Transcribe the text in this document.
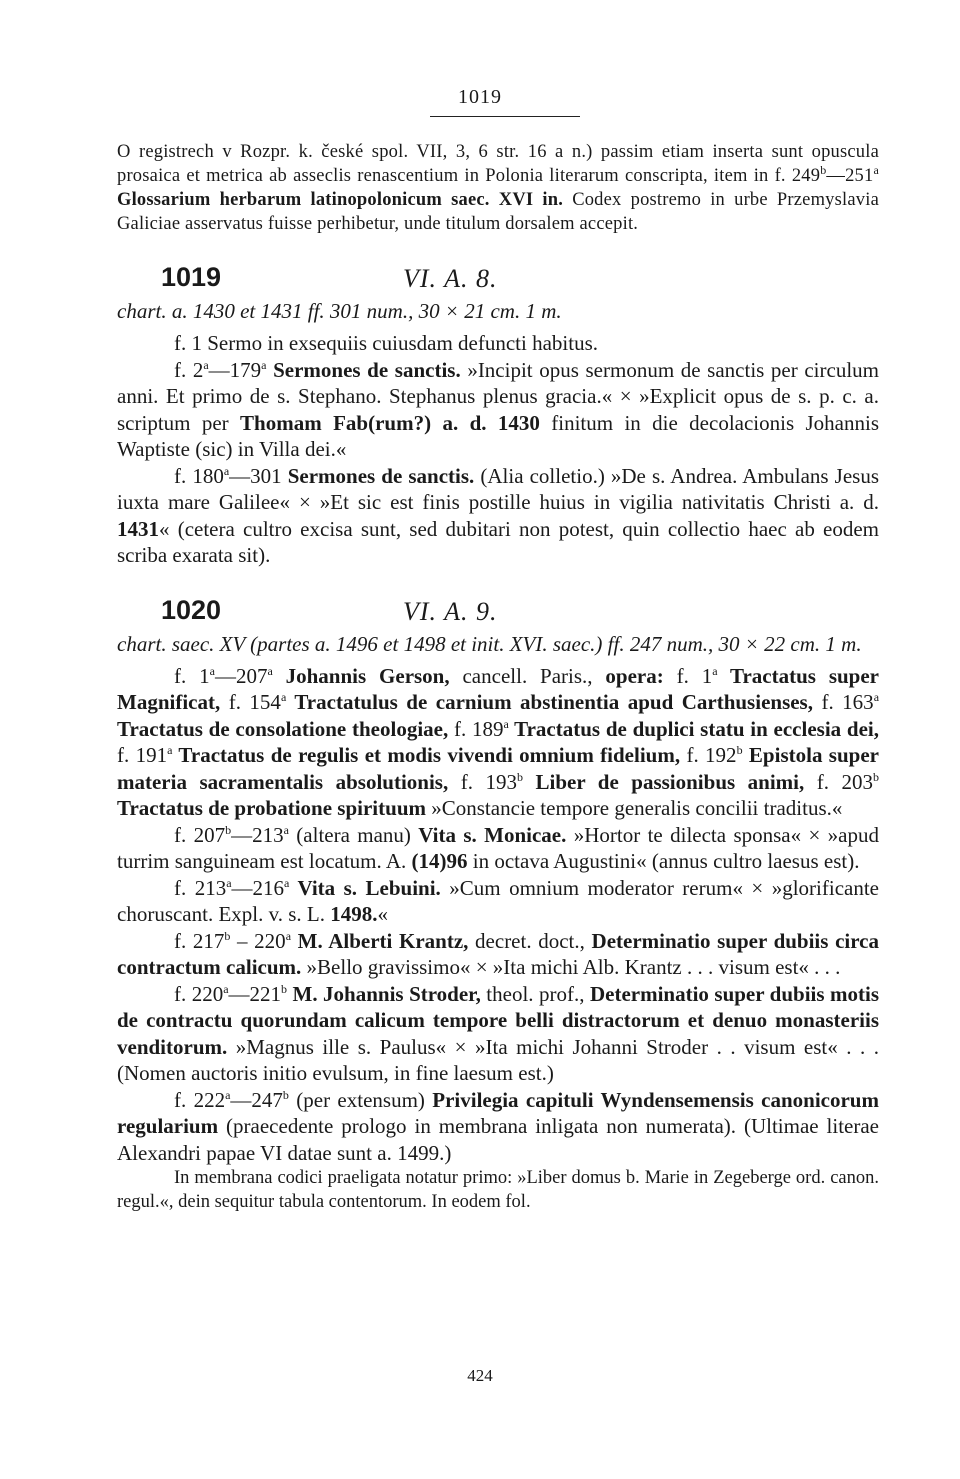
1019

O registrech v Rozpr. k. české spol. VII, 3, 6 str. 16 a n.) passim etiam inserta sunt opuscula prosaica et metrica ab asseclis renascentium in Polonia literarum conscripta, item in f. 249$^b$—251$^a$ Glossarium herbarum latinopolonicum saec. XVI in. Codex postremo in urbe Przemyslavia Galiciae asservatus fuisse perhibetur, unde titulum dorsalem accepit.

1019	VI. A. 8.

chart. a. 1430 et 1431 ff. 301 num., 30 × 21 cm. 1 m.

f. 1 Sermo in exsequiis cuiusdam defuncti habitus.

f. 2$^a$—179$^a$ Sermones de sanctis. »Incipit opus sermonum de sanctis per circulum anni. Et primo de s. Stephano. Stephanus plenus gracia.« × »Explicit opus de s. p. c. a. scriptum per Thomam Fab(rum?) a. d. 1430 finitum in die decolacionis Johannis Waptiste (sic) in Villa dei.«

f. 180$^a$—301 Sermones de sanctis. (Alia colletio.) »De s. Andrea. Ambulans Jesus iuxta mare Galilee« × »Et sic est finis postille huius in vigilia nativitatis Christi a. d. 1431« (cetera cultro excisa sunt, sed dubitari non potest, quin collectio haec ab eodem scriba exarata sit).

1020	VI. A. 9.

chart. saec. XV (partes a. 1496 et 1498 et init. XVI. saec.) ff. 247 num., 30 × 22 cm. 1 m.

f. 1$^a$—207$^a$ Johannis Gerson, cancell. Paris., opera: f. 1$^a$ Tractatus super Magnificat, f. 154$^a$ Tractatulus de carnium abstinentia apud Carthusienses, f. 163$^a$ Tractatus de consolatione theologiae, f. 189$^a$ Tractatus de duplici statu in ecclesia dei, f. 191$^a$ Tractatus de regulis et modis vivendi omnium fidelium, f. 192$^b$ Epistola super materia sacramentalis absolutionis, f. 193$^b$ Liber de passionibus animi, f. 203$^b$ Tractatus de probatione spirituum »Constancie tempore generalis concilii traditus.«

f. 207$^b$—213$^a$ (altera manu) Vita s. Monicae. »Hortor te dilecta sponsa« × »apud turrim sanguineam est locatum. A. (14)96 in octava Augustini« (annus cultro laesus est).

f. 213$^a$—216$^a$ Vita s. Lebuini. »Cum omnium moderator rerum« × »glorificante choruscant. Expl. v. s. L. 1498.«

f. 217$^b$ – 220$^a$ M. Alberti Krantz, decret. doct., Determinatio super dubiis circa contractum calicum. »Bello gravissimo« × »Ita michi Alb. Krantz . . . visum est« . . .

f. 220$^a$—221$^b$ M. Johannis Stroder, theol. prof., Determinatio super dubiis motis de contractu quorundam calicum tempore belli distractorum et denuo monasteriis venditorum. »Magnus ille s. Paulus« × »Ita michi Johanni Stroder . . visum est« . . . (Nomen auctoris initio evulsum, in fine laesum est.)

f. 222$^a$—247$^b$ (per extensum) Privilegia capituli Wyndensemensis canonicorum regularium (praecedente prologo in membrana inligata non numerata). (Ultimae literae Alexandri papae VI datae sunt a. 1499.)

In membrana codici praeligata notatur primo: »Liber domus b. Marie in Zegeberge ord. canon. regul.«, dein sequitur tabula contentorum. In eodem fol.

424
